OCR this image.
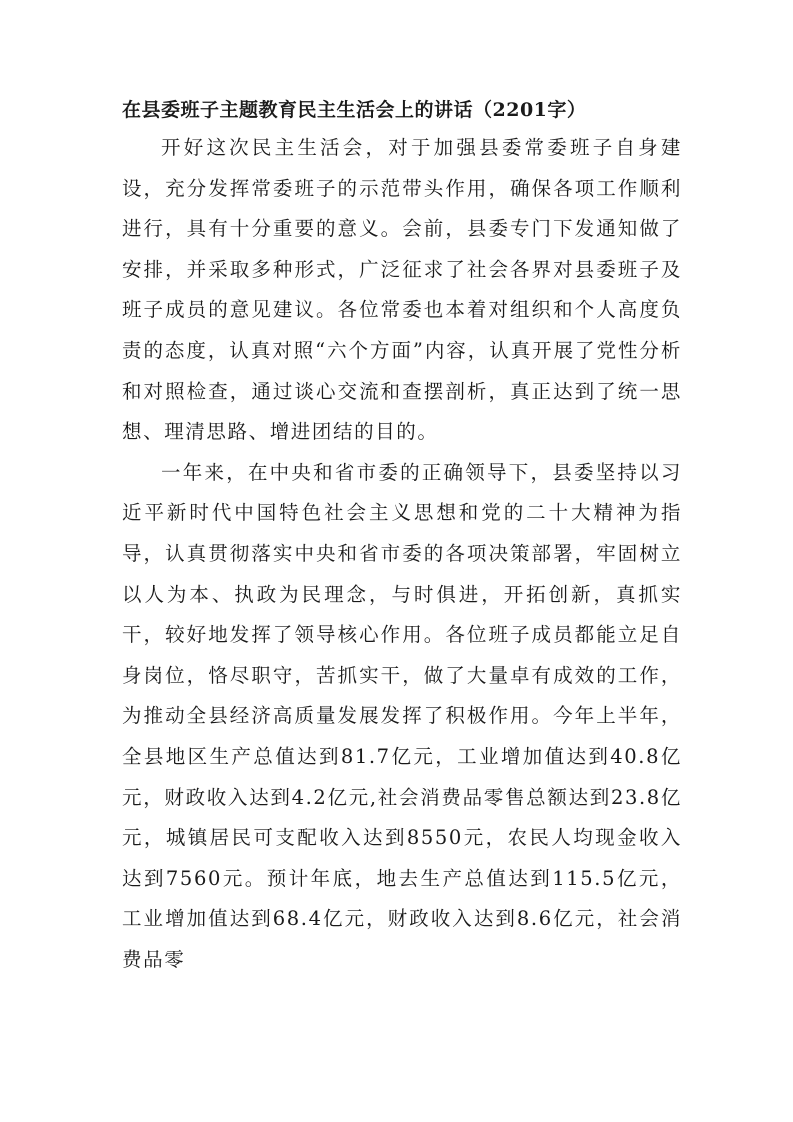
在县委班子主题教育民主生活会上的讲话（2201字）

开好这次民主生活会，对于加强县委常委班子自身建设，充分发挥常委班子的示范带头作用，确保各项工作顺利进行，具有十分重要的意义。会前，县委专门下发通知做了安排，并采取多种形式，广泛征求了社会各界对县委班子及班子成员的意见建议。各位常委也本着对组织和个人高度负责的态度，认真对照“六个方面”内容，认真开展了党性分析和对照检查，通过谈心交流和查摆剖析，真正达到了统一思想、理清思路、增进团结的目的。

一年来，在中央和省市委的正确领导下，县委坚持以习近平新时代中国特色社会主义思想和党的二十大精神为指导，认真贯彻落实中央和省市委的各项决策部署，牢固树立以人为本、执政为民理念，与时俱进，开拓创新，真抓实干，较好地发挥了领导核心作用。各位班子成员都能立足自身岗位，恪尽职守，苦抓实干，做了大量卓有成效的工作，为推动全县经济高质量发展发挥了积极作用。今年上半年，全县地区生产总值达到81.7亿元，工业增加值达到40.8亿元，财政收入达到4.2亿元,社会消费品零售总额达到23.8亿元，城镇居民可支配收入达到8550元，农民人均现金收入达到7560元。预计年底，地去生产总值达到115.5亿元，工业增加值达到68.4亿元，财政收入达到8.6亿元，社会消费品零
